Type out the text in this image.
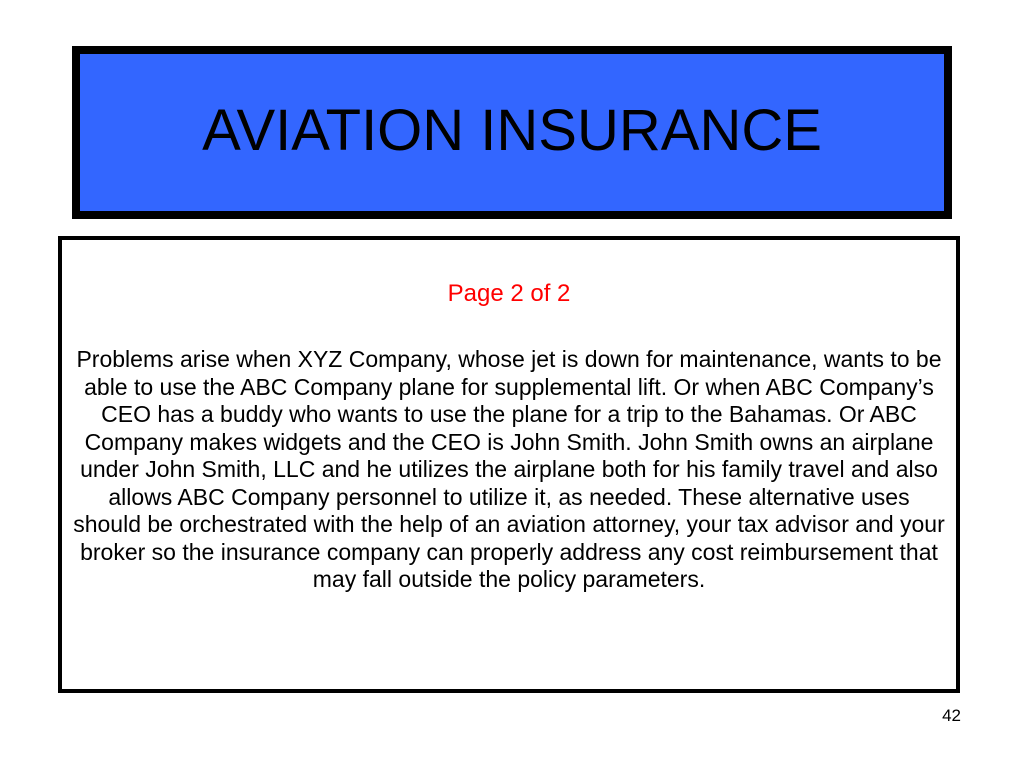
AVIATION INSURANCE
Page 2 of 2
Problems arise when XYZ Company, whose jet is down for maintenance, wants to be able to use the ABC Company plane for supplemental lift. Or when ABC Company’s CEO has a buddy who wants to use the plane for a trip to the Bahamas. Or ABC Company makes widgets and the CEO is John Smith. John Smith owns an airplane under John Smith, LLC and he utilizes the airplane both for his family travel and also allows ABC Company personnel to utilize it, as needed. These alternative uses should be orchestrated with the help of an aviation attorney, your tax advisor and your broker so the insurance company can properly address any cost reimbursement that may fall outside the policy parameters.
42
